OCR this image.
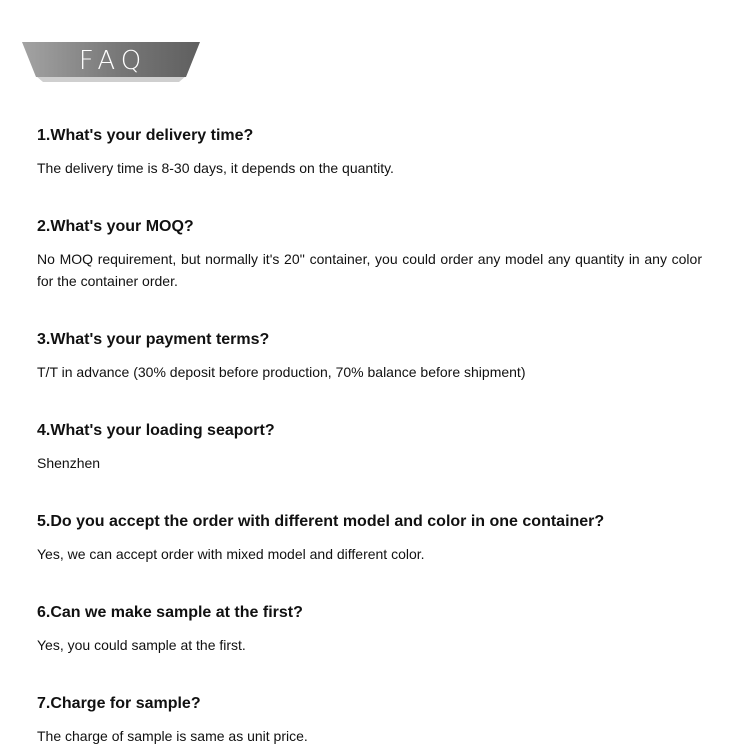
FAQ
1.What's your delivery time?
The delivery time is 8-30 days, it depends on the quantity.
2.What's your MOQ?
No MOQ requirement, but normally it's 20'' container, you could order any model any quantity in any color for the container order.
3.What's your payment terms?
T/T in advance (30% deposit before production, 70% balance before shipment)
4.What's your loading seaport?
Shenzhen
5.Do you accept the order with different model and color in one container?
Yes, we can accept order with mixed model and different color.
6.Can we make sample at the first?
Yes, you could sample at the first.
7.Charge for sample?
The charge of sample is same as unit price.
